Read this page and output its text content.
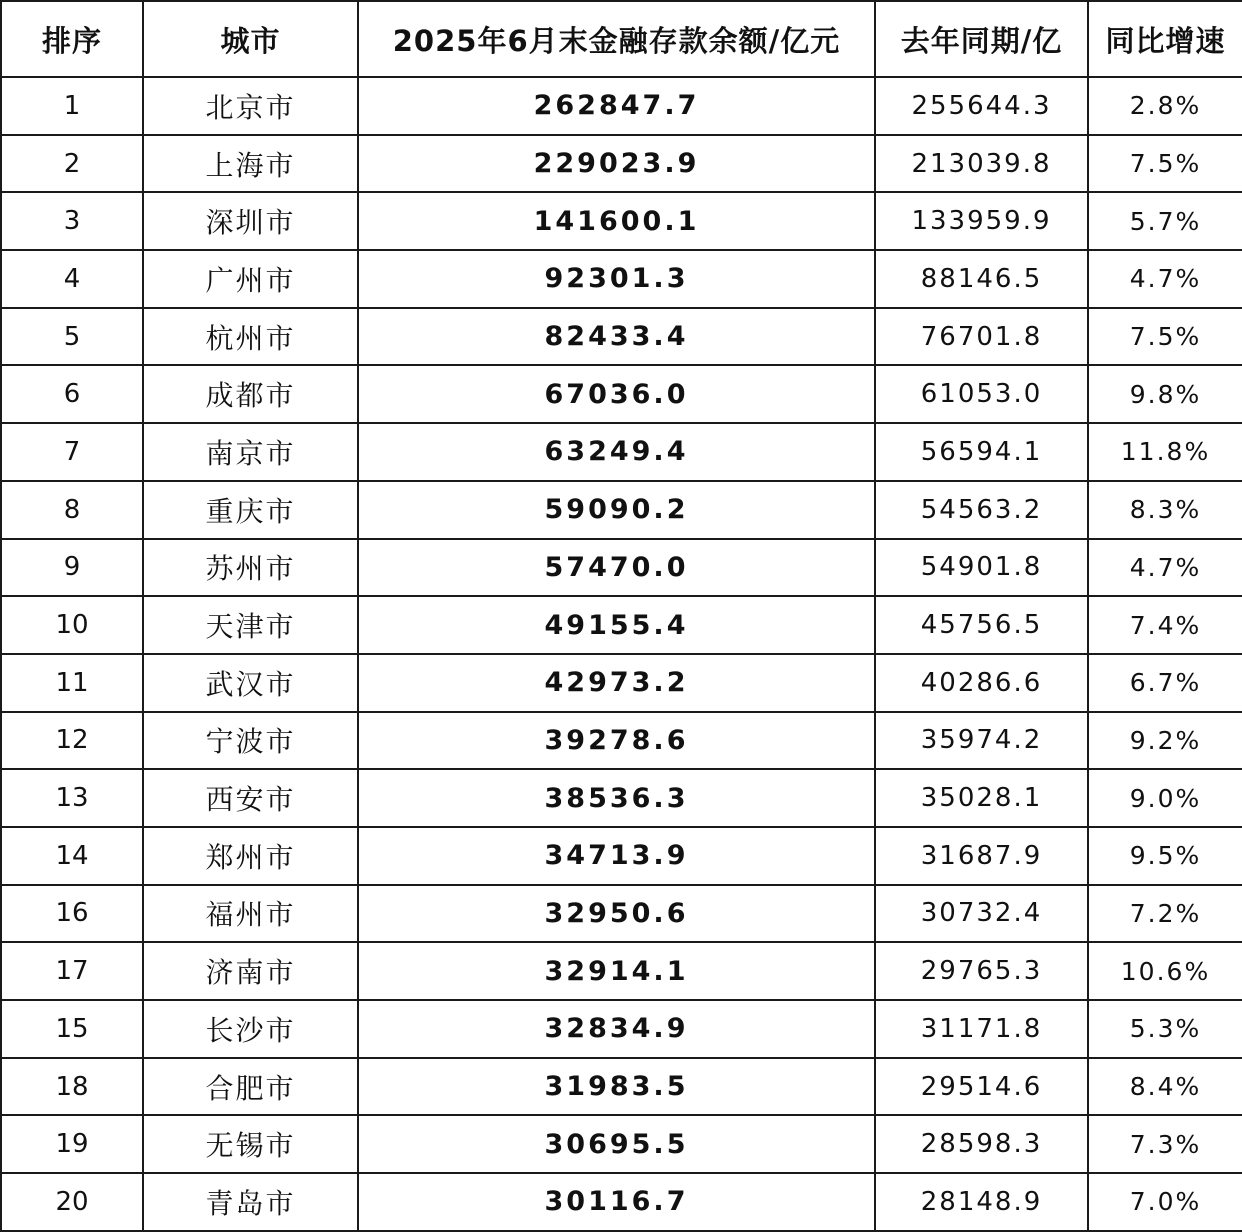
排序	城市	2025年6月末金融存款余额/亿元	去年同期/亿	同比增速
1	北京市	262847.7	255644.3	2.8%
2	上海市	229023.9	213039.8	7.5%
3	深圳市	141600.1	133959.9	5.7%
4	广州市	92301.3	88146.5	4.7%
5	杭州市	82433.4	76701.8	7.5%
6	成都市	67036.0	61053.0	9.8%
7	南京市	63249.4	56594.1	11.8%
8	重庆市	59090.2	54563.2	8.3%
9	苏州市	57470.0	54901.8	4.7%
10	天津市	49155.4	45756.5	7.4%
11	武汉市	42973.2	40286.6	6.7%
12	宁波市	39278.6	35974.2	9.2%
13	西安市	38536.3	35028.1	9.0%
14	郑州市	34713.9	31687.9	9.5%
16	福州市	32950.6	30732.4	7.2%
17	济南市	32914.1	29765.3	10.6%
15	长沙市	32834.9	31171.8	5.3%
18	合肥市	31983.5	29514.6	8.4%
19	无锡市	30695.5	28598.3	7.3%
20	青岛市	30116.7	28148.9	7.0%
